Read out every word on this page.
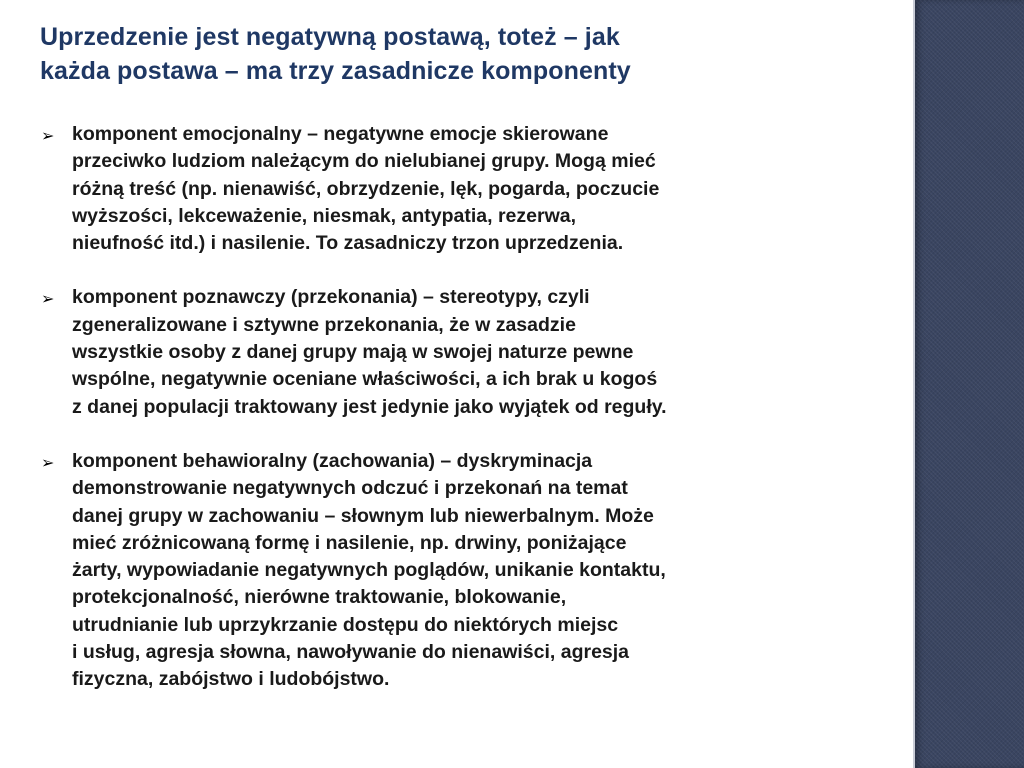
Uprzedzenie jest negatywną postawą, toteż – jak
każda postawa – ma trzy zasadnicze komponenty
➢ komponent emocjonalny – negatywne emocje skierowane
przeciwko ludziom należącym do nielubianej grupy. Mogą mieć
różną treść (np. nienawiść, obrzydzenie, lęk, pogarda, poczucie
wyższości, lekceważenie, niesmak, antypatia, rezerwa,
nieufność itd.) i nasilenie. To zasadniczy trzon uprzedzenia.
➢ komponent poznawczy (przekonania) – stereotypy, czyli
zgeneralizowane i sztywne przekonania, że w zasadzie
wszystkie osoby z danej grupy mają w swojej naturze pewne
wspólne, negatywnie oceniane właściwości, a ich brak u kogoś
z danej populacji traktowany jest jedynie jako wyjątek od reguły.
➢ komponent behawioralny (zachowania) – dyskryminacja
demonstrowanie negatywnych odczuć i przekonań na temat
danej grupy w zachowaniu – słownym lub niewerbalnym. Może
mieć zróżnicowaną formę i nasilenie, np. drwiny, poniżające
żarty, wypowiadanie negatywnych poglądów, unikanie kontaktu,
protekcjonalność, nierówne traktowanie, blokowanie,
utrudnianie lub uprzykrzanie dostępu do niektórych miejsc
i usług, agresja słowna, nawoływanie do nienawiści, agresja
fizyczna, zabójstwo i ludobójstwo.
